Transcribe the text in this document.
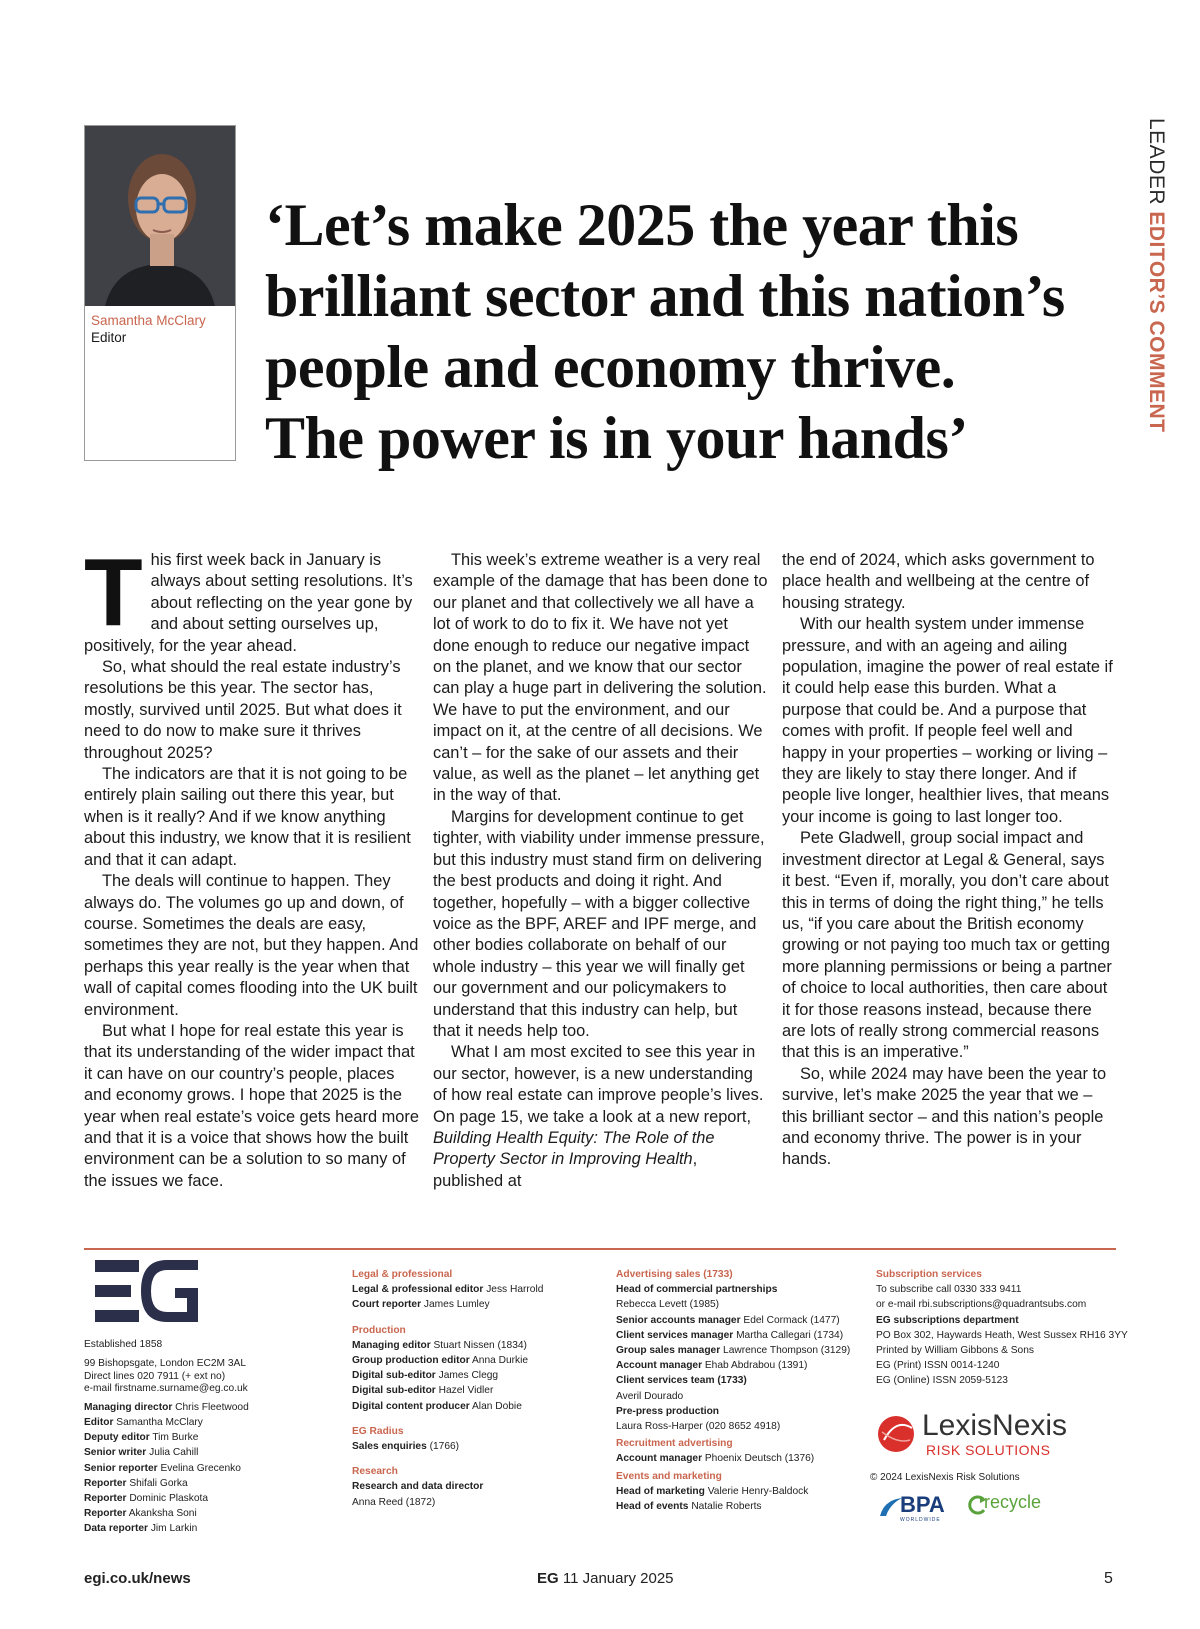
Samantha McClary
Editor
‘Let’s make 2025 the year this
brilliant sector and this nation’s
people and economy thrive.
The power is in your hands’
LEADER EDITOR’S COMMENT

This first week back in January is always about setting resolutions. It’s about reflecting on the year gone by and about setting ourselves up, positively, for the year ahead.

So, what should the real estate industry’s resolutions be this year. The sector has, mostly, survived until 2025. But what does it need to do now to make sure it thrives throughout 2025?

The indicators are that it is not going to be entirely plain sailing out there this year, but when is it really? And if we know anything about this industry, we know that it is resilient and that it can adapt.

The deals will continue to happen. They always do. The volumes go up and down, of course. Sometimes the deals are easy, sometimes they are not, but they happen. And perhaps this year really is the year when that wall of capital comes flooding into the UK built environment.

But what I hope for real estate this year is that its understanding of the wider impact that it can have on our country’s people, places and economy grows. I hope that 2025 is the year when real estate’s voice gets heard more and that it is a voice that shows how the built environment can be a solution to so many of the issues we face.

This week’s extreme weather is a very real example of the damage that has been done to our planet and that collectively we all have a lot of work to do to fix it. We have not yet done enough to reduce our negative impact on the planet, and we know that our sector can play a huge part in delivering the solution. We have to put the environment, and our impact on it, at the centre of all decisions. We can’t – for the sake of our assets and their value, as well as the planet – let anything get in the way of that.

Margins for development continue to get tighter, with viability under immense pressure, but this industry must stand firm on delivering the best products and doing it right. And together, hopefully – with a bigger collective voice as the BPF, AREF and IPF merge, and other bodies collaborate on behalf of our whole industry – this year we will finally get our government and our policymakers to understand that this industry can help, but that it needs help too.

What I am most excited to see this year in our sector, however, is a new understanding of how real estate can improve people’s lives. On page 15, we take a look at a new report, Building Health Equity: The Role of the Property Sector in Improving Health, published at

the end of 2024, which asks government to place health and wellbeing at the centre of housing strategy.

With our health system under immense pressure, and with an ageing and ailing population, imagine the power of real estate if it could help ease this burden. What a purpose that could be. And a purpose that comes with profit. If people feel well and happy in your properties – working or living – they are likely to stay there longer. And if people live longer, healthier lives, that means your income is going to last longer too.

Pete Gladwell, group social impact and investment director at Legal & General, says it best. “Even if, morally, you don’t care about this in terms of doing the right thing,” he tells us, “if you care about the British economy growing or not paying too much tax or getting more planning permissions or being a partner of choice to local authorities, then care about it for those reasons instead, because there are lots of really strong commercial reasons that this is an imperative.”

So, while 2024 may have been the year to survive, let’s make 2025 the year that we – this brilliant sector – and this nation’s people and economy thrive. The power is in your hands.

Established 1858
99 Bishopsgate, London EC2M 3AL
Direct lines 020 7911 (+ ext no)
e-mail firstname.surname@eg.co.uk
Managing director Chris Fleetwood
Editor Samantha McClary
Deputy editor Tim Burke
Senior writer Julia Cahill
Senior reporter Evelina Grecenko
Reporter Shifali Gorka
Reporter Dominic Plaskota
Reporter Akanksha Soni
Data reporter Jim Larkin
Legal & professional
Legal & professional editor Jess Harrold
Court reporter James Lumley
Production
Managing editor Stuart Nissen (1834)
Group production editor Anna Durkie
Digital sub-editor James Clegg
Digital sub-editor Hazel Vidler
Digital content producer Alan Dobie
EG Radius
Sales enquiries (1766)
Research
Research and data director
Anna Reed (1872)
Advertising sales (1733)
Head of commercial partnerships
Rebecca Levett (1985)
Senior accounts manager Edel Cormack (1477)
Client services manager Martha Callegari (1734)
Group sales manager Lawrence Thompson (3129)
Account manager Ehab Abdrabou (1391)
Client services team (1733)
Averil Dourado
Pre-press production
Laura Ross-Harper (020 8652 4918)
Recruitment advertising
Account manager Phoenix Deutsch (1376)
Events and marketing
Head of marketing Valerie Henry-Baldock
Head of events Natalie Roberts
Subscription services
To subscribe call 0330 333 9411
or e-mail rbi.subscriptions@quadrantsubs.com
EG subscriptions department
PO Box 302, Haywards Heath, West Sussex RH16 3YY
Printed by William Gibbons & Sons
EG (Print) ISSN 0014-1240
EG (Online) ISSN 2059-5123
LexisNexis
RISK SOLUTIONS
© 2024 LexisNexis Risk Solutions
BPA
WORLDWIDE
recycle
egi.co.uk/news	EG 11 January 2025	5
